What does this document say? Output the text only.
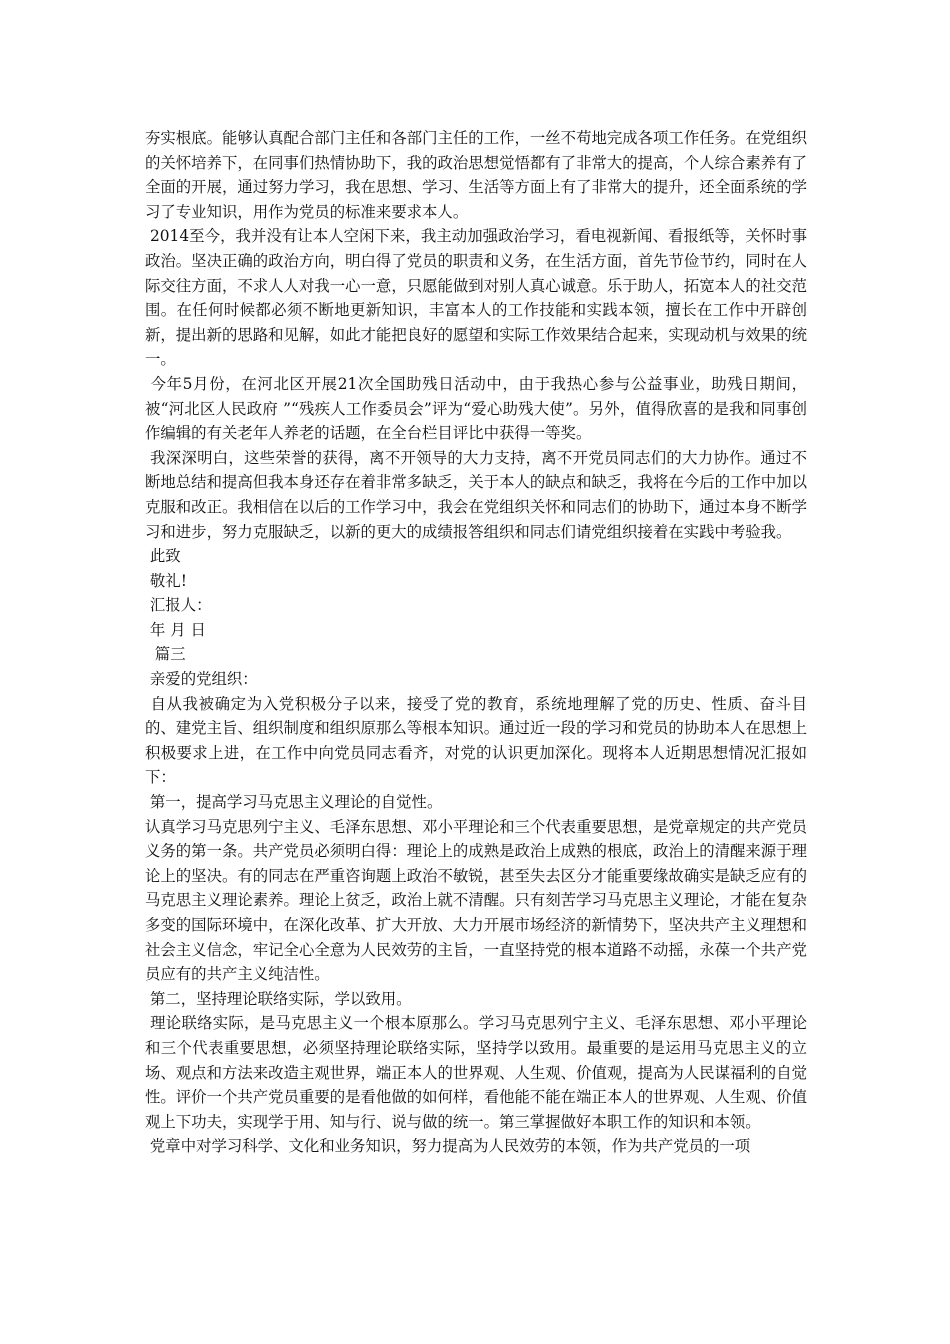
夯实根底。能够认真配合部门主任和各部门主任的工作，一丝不苟地完成各项工作任务。在党组织的关怀培养下，在同事们热情协助下，我的政治思想觉悟都有了非常大的提高，个人综合素养有了全面的开展，通过努力学习，我在思想、学习、生活等方面上有了非常大的提升，还全面系统的学习了专业知识，用作为党员的标准来要求本人。

2014至今，我并没有让本人空闲下来，我主动加强政治学习，看电视新闻、看报纸等，关怀时事政治。坚决正确的政治方向，明白得了党员的职责和义务，在生活方面，首先节俭节约，同时在人际交往方面，不求人人对我一心一意，只愿能做到对别人真心诚意。乐于助人，拓宽本人的社交范围。在任何时候都必须不断地更新知识，丰富本人的工作技能和实践本领，擅长在工作中开辟创新，提出新的思路和见解，如此才能把良好的愿望和实际工作效果结合起来，实现动机与效果的统一。

今年5月份，在河北区开展21次全国助残日活动中，由于我热心参与公益事业，助残日期间，被“河北区人民政府 ”“残疾人工作委员会”评为“爱心助残大使”。另外，值得欣喜的是我和同事创作编辑的有关老年人养老的话题，在全台栏目评比中获得一等奖。

我深深明白，这些荣誉的获得，离不开领导的大力支持，离不开党员同志们的大力协作。通过不断地总结和提高但我本身还存在着非常多缺乏，关于本人的缺点和缺乏，我将在今后的工作中加以克服和改正。我相信在以后的工作学习中，我会在党组织关怀和同志们的协助下，通过本身不断学习和进步，努力克服缺乏，以新的更大的成绩报答组织和同志们请党组织接着在实践中考验我。

此致

敬礼!

汇报人：

年 月 日

篇三

亲爱的党组织：

自从我被确定为入党积极分子以来，接受了党的教育，系统地理解了党的历史、性质、奋斗目的、建党主旨、组织制度和组织原那么等根本知识。通过近一段的学习和党员的协助本人在思想上积极要求上进，在工作中向党员同志看齐，对党的认识更加深化。现将本人近期思想情况汇报如下：

第一，提高学习马克思主义理论的自觉性。

认真学习马克思列宁主义、毛泽东思想、邓小平理论和三个代表重要思想，是党章规定的共产党员义务的第一条。共产党员必须明白得：理论上的成熟是政治上成熟的根底，政治上的清醒来源于理论上的坚决。有的同志在严重咨询题上政治不敏锐，甚至失去区分才能重要缘故确实是缺乏应有的马克思主义理论素养。理论上贫乏，政治上就不清醒。只有刻苦学习马克思主义理论，才能在复杂多变的国际环境中，在深化改革、扩大开放、大力开展市场经济的新情势下，坚决共产主义理想和社会主义信念，牢记全心全意为人民效劳的主旨，一直坚持党的根本道路不动摇，永葆一个共产党员应有的共产主义纯洁性。

第二，坚持理论联络实际，学以致用。

理论联络实际，是马克思主义一个根本原那么。学习马克思列宁主义、毛泽东思想、邓小平理论和三个代表重要思想，必须坚持理论联络实际，坚持学以致用。最重要的是运用马克思主义的立场、观点和方法来改造主观世界，端正本人的世界观、人生观、价值观，提高为人民谋福利的自觉性。评价一个共产党员重要的是看他做的如何样，看他能不能在端正本人的世界观、人生观、价值观上下功夫，实现学于用、知与行、说与做的统一。第三掌握做好本职工作的知识和本领。

党章中对学习科学、文化和业务知识，努力提高为人民效劳的本领，作为共产党员的一项
